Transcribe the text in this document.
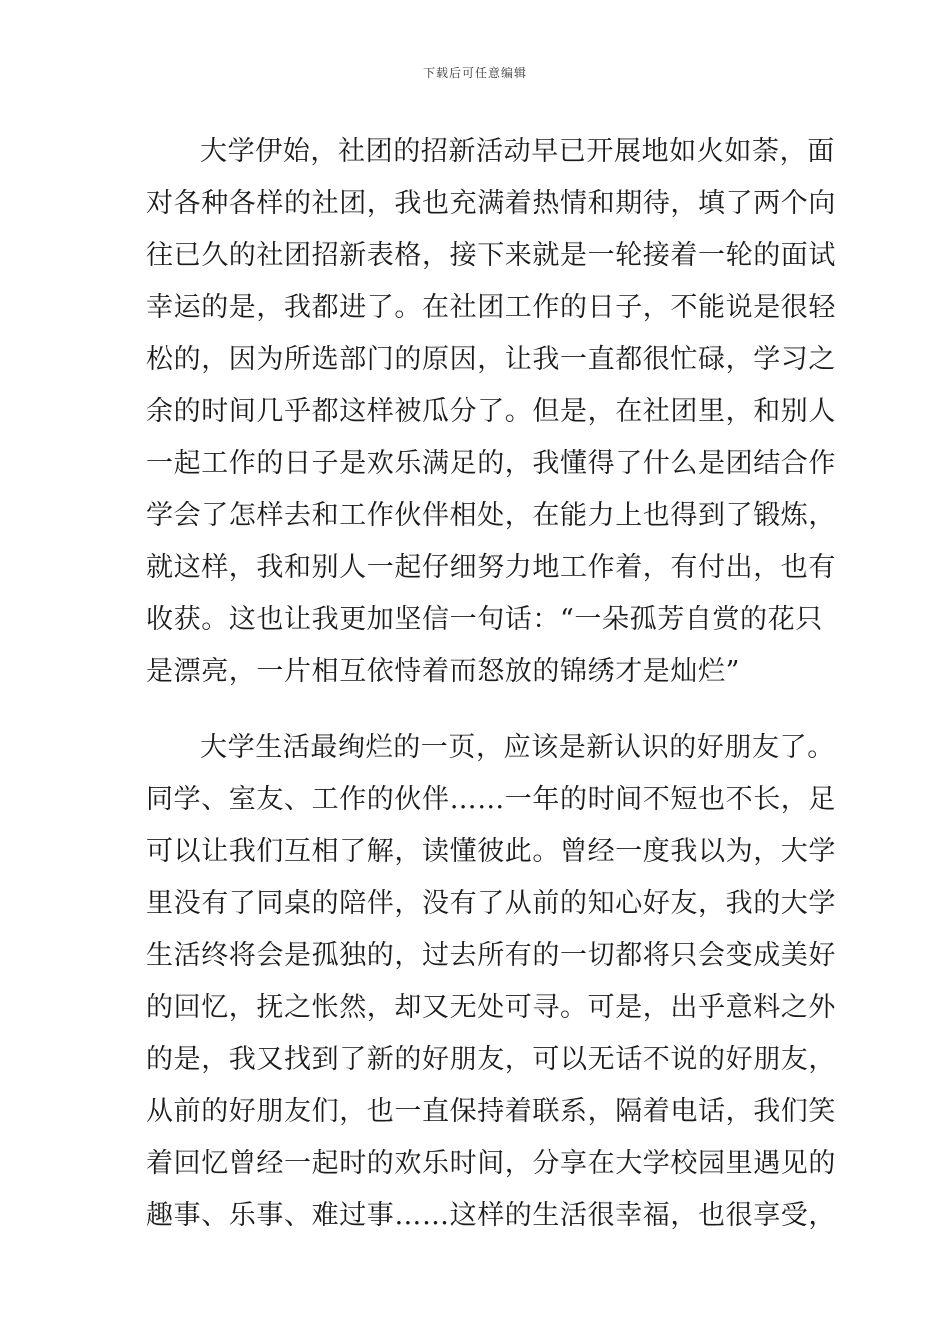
下载后可任意编辑
大学伊始，社团的招新活动早已开展地如火如荼，面
对各种各样的社团，我也充满着热情和期待，填了两个向
往已久的社团招新表格，接下来就是一轮接着一轮的面试
幸运的是，我都进了。在社团工作的日子，不能说是很轻
松的，因为所选部门的原因，让我一直都很忙碌，学习之
余的时间几乎都这样被瓜分了。但是，在社团里，和别人
一起工作的日子是欢乐满足的，我懂得了什么是团结合作
学会了怎样去和工作伙伴相处，在能力上也得到了锻炼，
就这样，我和别人一起仔细努力地工作着，有付出，也有
收获。这也让我更加坚信一句话：“一朵孤芳自赏的花只
是漂亮，一片相互依恃着而怒放的锦绣才是灿烂”
大学生活最绚烂的一页，应该是新认识的好朋友了。
同学、室友、工作的伙伴……一年的时间不短也不长，足
可以让我们互相了解，读懂彼此。曾经一度我以为，大学
里没有了同桌的陪伴，没有了从前的知心好友，我的大学
生活终将会是孤独的，过去所有的一切都将只会变成美好
的回忆，抚之怅然，却又无处可寻。可是，出乎意料之外
的是，我又找到了新的好朋友，可以无话不说的好朋友，
从前的好朋友们，也一直保持着联系，隔着电话，我们笑
着回忆曾经一起时的欢乐时间，分享在大学校园里遇见的
趣事、乐事、难过事……这样的生活很幸福，也很享受，
